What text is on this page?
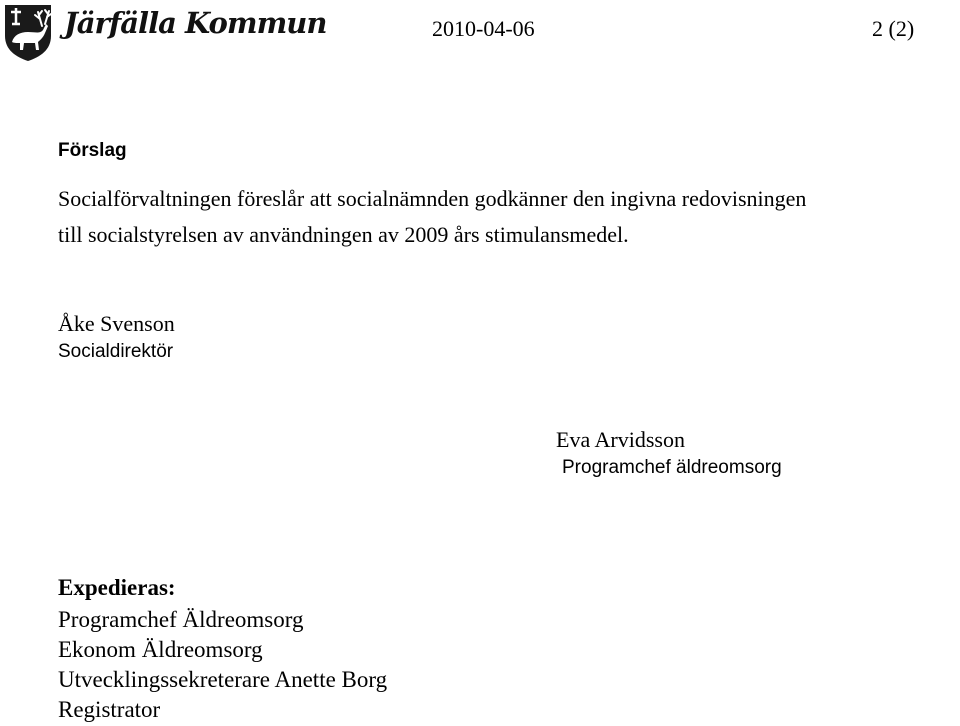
Järfälla Kommun	2010-04-06	2 (2)
Förslag
Socialförvaltningen föreslår att socialnämnden godkänner den ingivna redovisningen
till socialstyrelsen av användningen av 2009 års stimulansmedel.
Åke Svenson
Socialdirektör
Eva Arvidsson
Programchef äldreomsorg
Expedieras:
Programchef Äldreomsorg
Ekonom Äldreomsorg
Utvecklingssekreterare Anette Borg
Registrator
